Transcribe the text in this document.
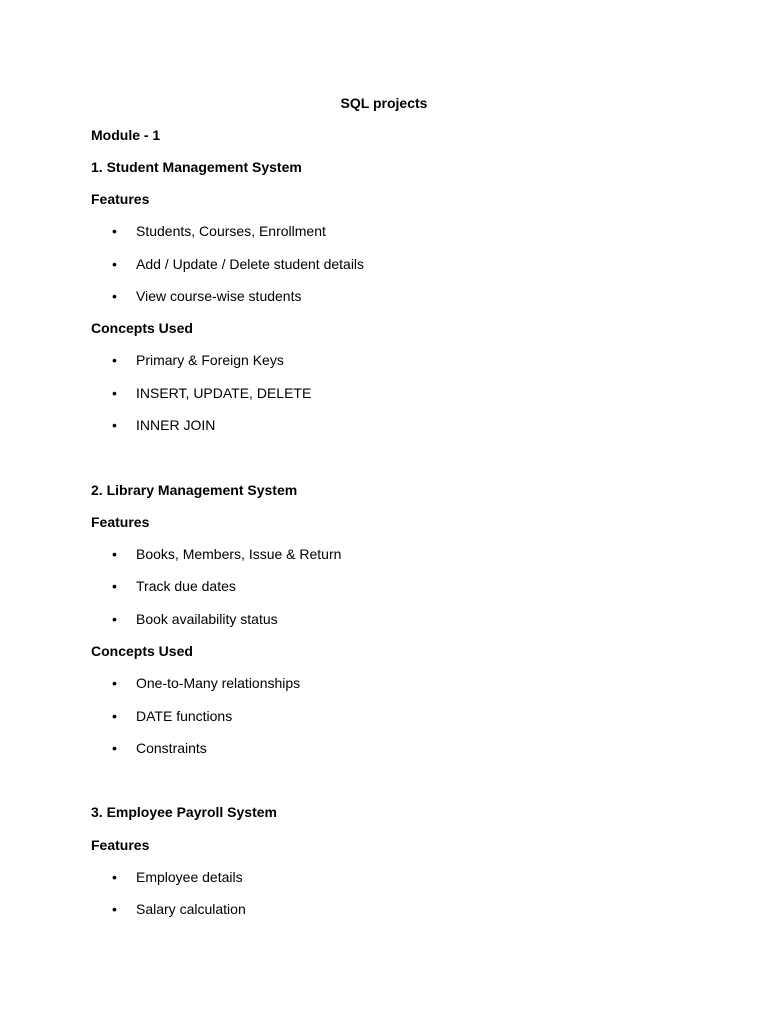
SQL projects
Module - 1
1. Student Management System
Features
• Students, Courses, Enrollment
• Add / Update / Delete student details
• View course-wise students
Concepts Used
• Primary & Foreign Keys
• INSERT, UPDATE, DELETE
• INNER JOIN
2. Library Management System
Features
• Books, Members, Issue & Return
• Track due dates
• Book availability status
Concepts Used
• One-to-Many relationships
• DATE functions
• Constraints
3. Employee Payroll System
Features
• Employee details
• Salary calculation
